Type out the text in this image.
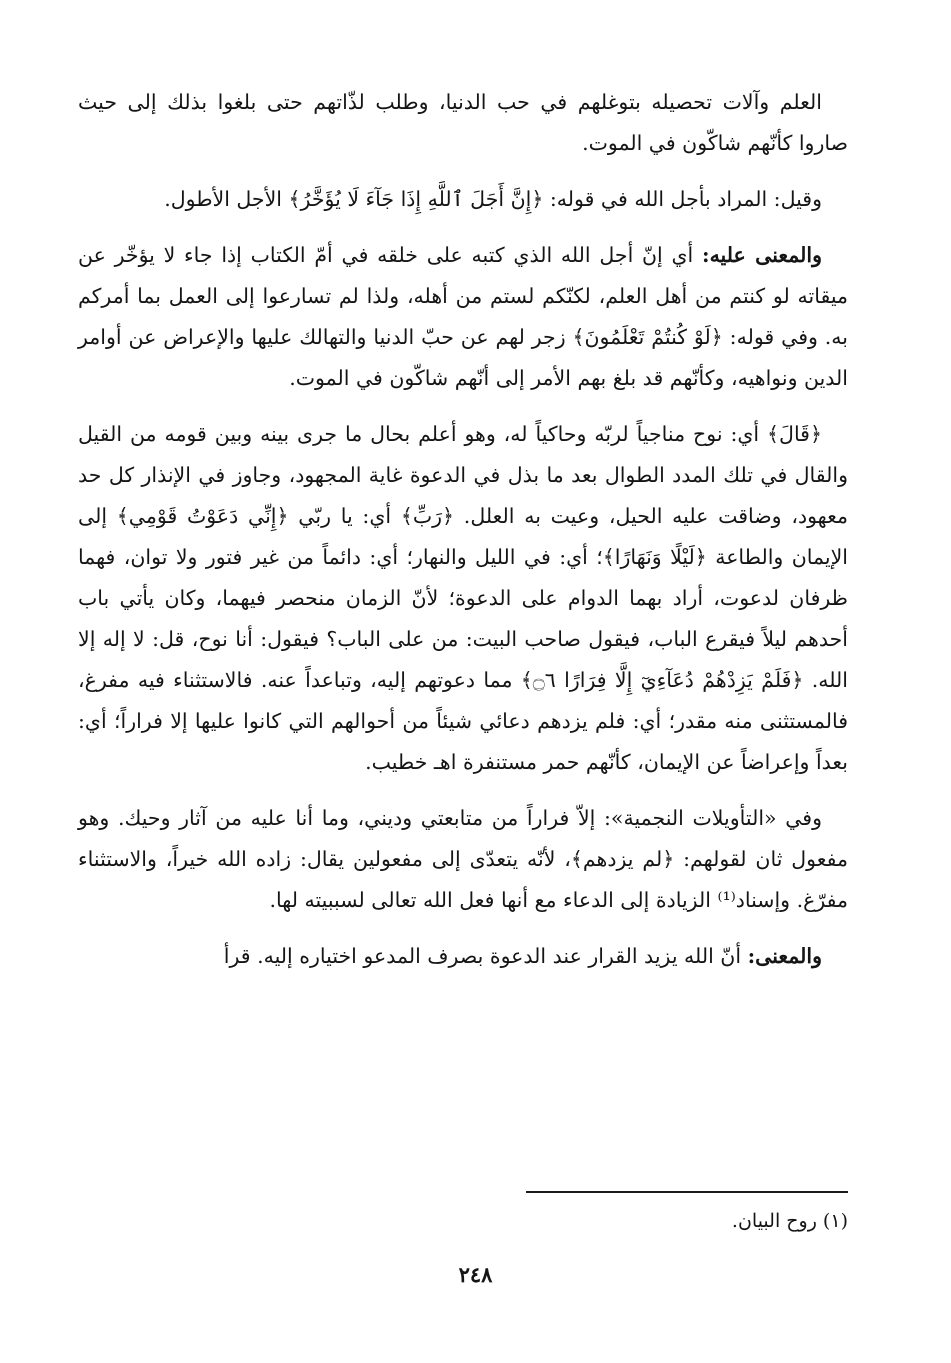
العلم وآلات تحصيله بتوغلهم في حب الدنيا، وطلب لذّاتهم حتى بلغوا بذلك إلى حيث صاروا كأنّهم شاكّون في الموت.

وقيل: المراد بأجل الله في قوله: ﴿إِنَّ أَجَلَ ٱللَّهِ إِذَا جَآءَ لَا يُؤَخَّرُ﴾ الأجل الأطول.

والمعنى عليه: أي إنّ أجل الله الذي كتبه على خلقه في أمّ الكتاب إذا جاء لا يؤخّر عن ميقاته لو كنتم من أهل العلم، لكنّكم لستم من أهله، ولذا لم تسارعوا إلى العمل بما أمركم به. وفي قوله: ﴿لَوْ كُنتُمْ تَعْلَمُونَ﴾ زجر لهم عن حبّ الدنيا والتهالك عليها والإعراض عن أوامر الدين ونواهيه، وكأنّهم قد بلغ بهم الأمر إلى أنّهم شاكّون في الموت.

﴿قَالَ﴾ أي: نوح مناجياً لربّه وحاكياً له، وهو أعلم بحال ما جرى بينه وبين قومه من القيل والقال في تلك المدد الطوال بعد ما بذل في الدعوة غاية المجهود، وجاوز في الإنذار كل حد معهود، وضاقت عليه الحيل، وعيت به العلل. ﴿رَبِّ﴾ أي: يا ربّي ﴿إِنِّي دَعَوْتُ قَوْمِي﴾ إلى الإيمان والطاعة ﴿لَيْلًا وَنَهَارًا﴾؛ أي: في الليل والنهار؛ أي: دائماً من غير فتور ولا توان، فهما ظرفان لدعوت، أراد بهما الدوام على الدعوة؛ لأنّ الزمان منحصر فيهما، وكان يأتي باب أحدهم ليلاً فيقرع الباب، فيقول صاحب البيت: من على الباب؟ فيقول: أنا نوح، قل: لا إله إلا الله. ﴿فَلَمْ يَزِدْهُمْ دُعَآءِيٓ إِلَّا فِرَارًا ۝٦﴾ مما دعوتهم إليه، وتباعداً عنه. فالاستثناء فيه مفرغ، فالمستثنى منه مقدر؛ أي: فلم يزدهم دعائي شيئاً من أحوالهم التي كانوا عليها إلا فراراً؛ أي: بعداً وإعراضاً عن الإيمان، كأنّهم حمر مستنفرة اهـ خطيب.

وفي «التأويلات النجمية»: إلاّ فراراً من متابعتي وديني، وما أنا عليه من آثار وحيك. وهو مفعول ثان لقولهم: ﴿لم يزدهم﴾، لأنّه يتعدّى إلى مفعولين يقال: زاده الله خيراً، والاستثناء مفرّغ. وإسناد⁽¹⁾ الزيادة إلى الدعاء مع أنها فعل الله تعالى لسببيته لها.

والمعنى: أنّ الله يزيد القرار عند الدعوة بصرف المدعو اختياره إليه. قرأ

(١) روح البيان.
٢٤٨
